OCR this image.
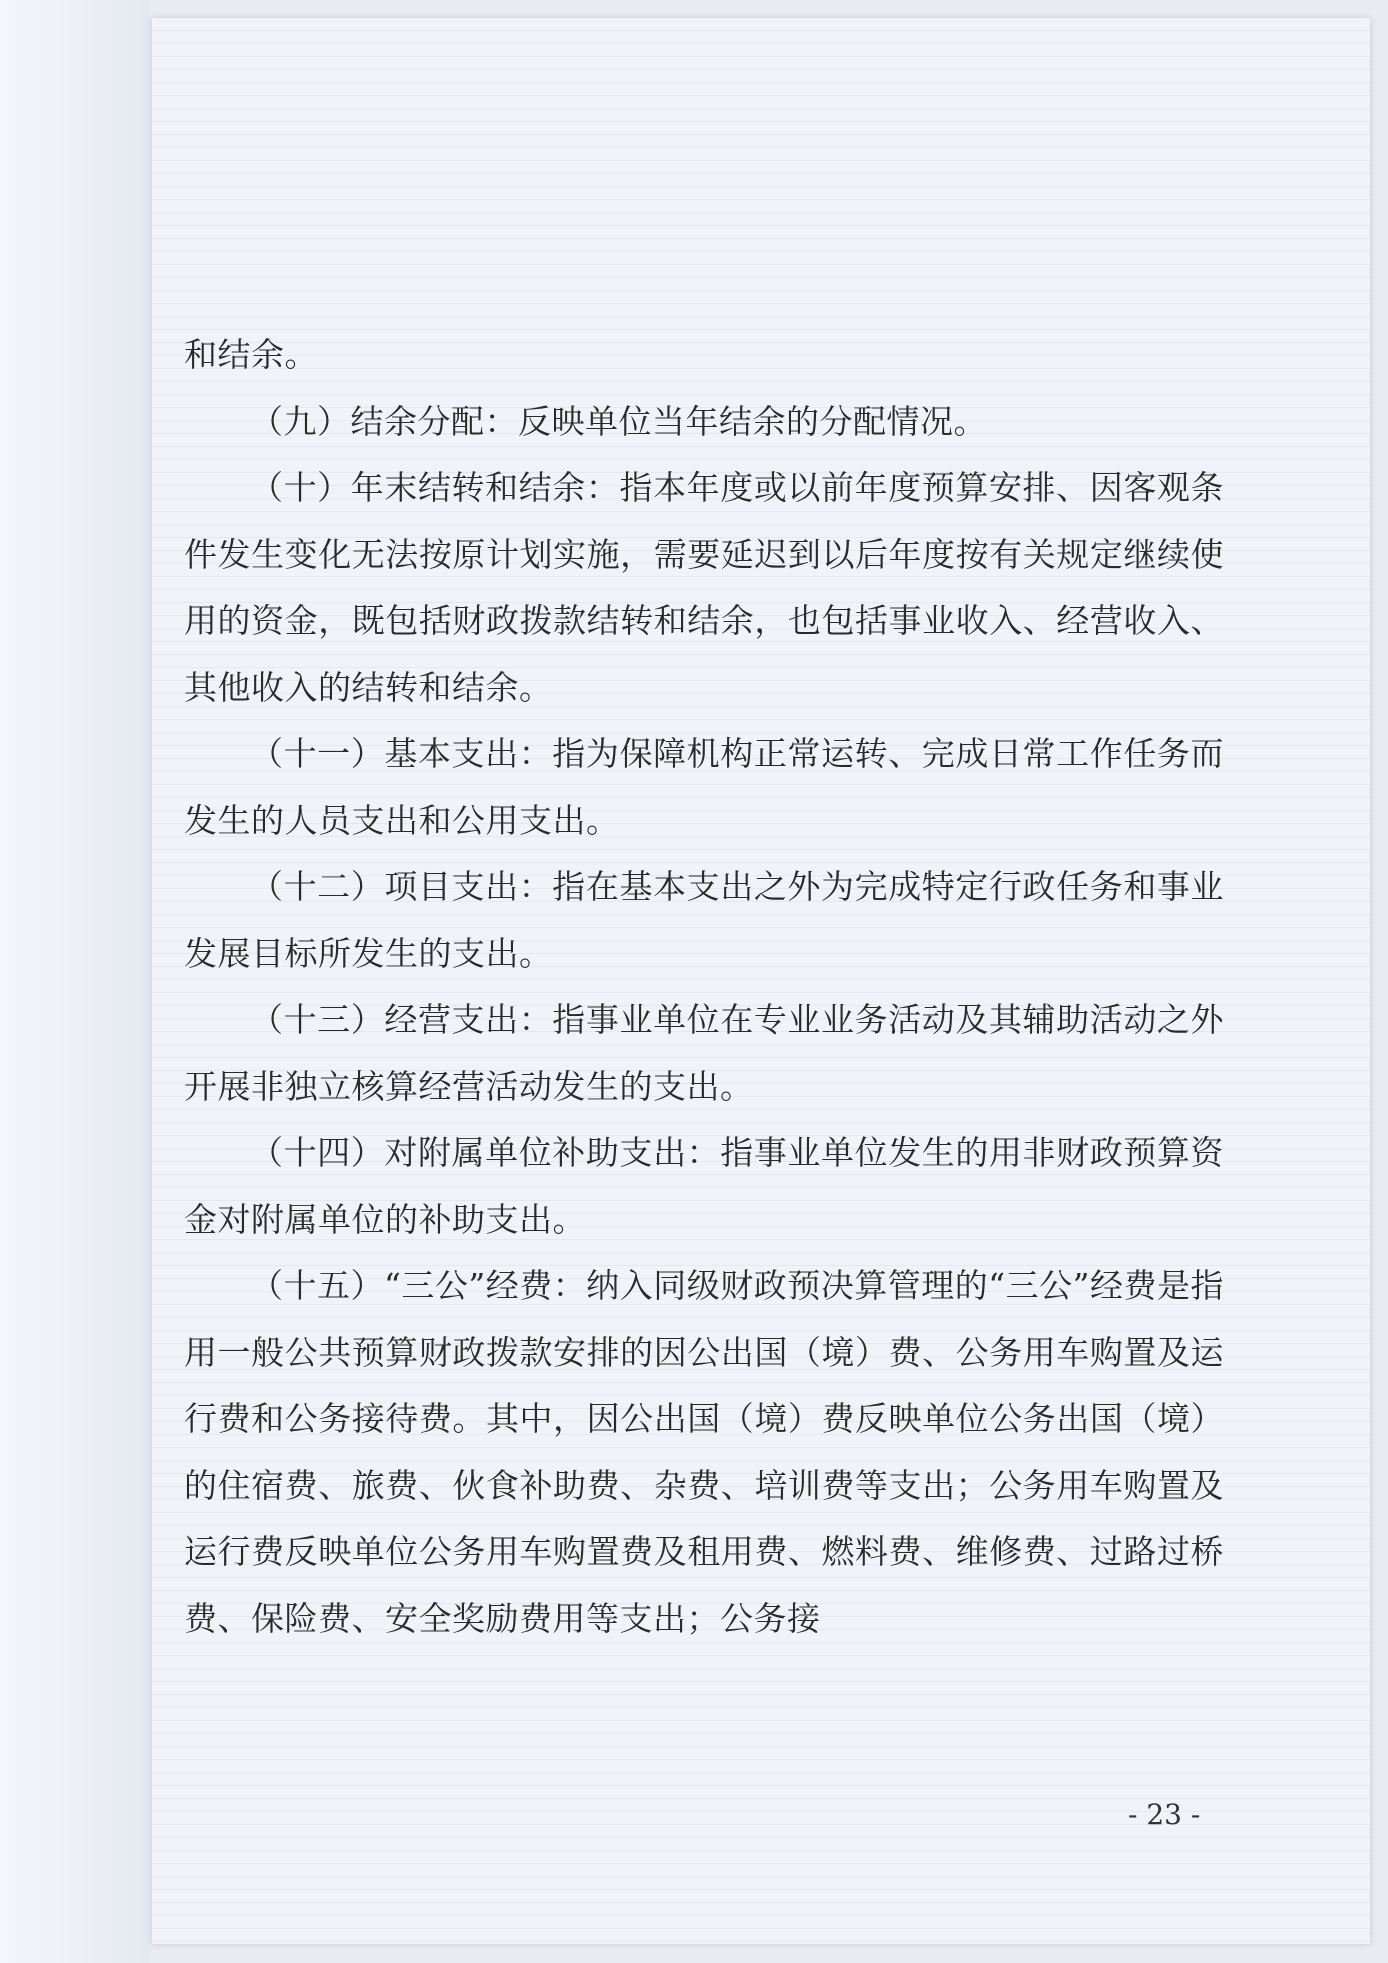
和结余。

（九）结余分配：反映单位当年结余的分配情况。

（十）年末结转和结余：指本年度或以前年度预算安排、因客观条件发生变化无法按原计划实施，需要延迟到以后年度按有关规定继续使用的资金，既包括财政拨款结转和结余，也包括事业收入、经营收入、其他收入的结转和结余。

（十一）基本支出：指为保障机构正常运转、完成日常工作任务而发生的人员支出和公用支出。

（十二）项目支出：指在基本支出之外为完成特定行政任务和事业发展目标所发生的支出。

（十三）经营支出：指事业单位在专业业务活动及其辅助活动之外开展非独立核算经营活动发生的支出。

（十四）对附属单位补助支出：指事业单位发生的用非财政预算资金对附属单位的补助支出。

（十五）“三公”经费：纳入同级财政预决算管理的“三公”经费是指用一般公共预算财政拨款安排的因公出国（境）费、公务用车购置及运行费和公务接待费。其中，因公出国（境）费反映单位公务出国（境）的住宿费、旅费、伙食补助费、杂费、培训费等支出；公务用车购置及运行费反映单位公务用车购置费及租用费、燃料费、维修费、过路过桥费、保险费、安全奖励费用等支出；公务接

- 23 -
